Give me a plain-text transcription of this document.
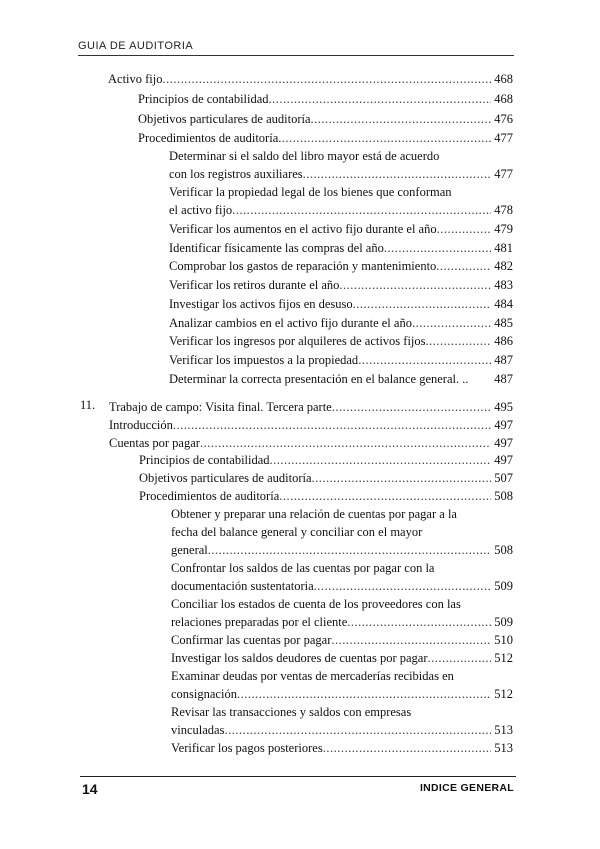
GUIA DE AUDITORIA
Activo fijo .....	468
Principios de contabilidad .....	468
Objetivos particulares de auditoría .....	476
Procedimientos de auditoría .....	477
Determinar si el saldo del libro mayor está de acuerdo
con los registros auxiliares .....	477
Verificar la propiedad legal de los bienes que conforman
el activo fijo .....	478
Verificar los aumentos en el activo fijo durante el año .....	479
Identificar físicamente las compras del año .....	481
Comprobar los gastos de reparación y mantenimiento .....	482
Verificar los retiros durante el año .....	483
Investigar los activos fijos en desuso .....	484
Analizar cambios en el activo fijo durante el año .....	485
Verificar los ingresos por alquileres de activos fijos .....	486
Verificar los impuestos a la propiedad .....	487
Determinar la correcta presentación en el balance general. .. 487
11. Trabajo de campo: Visita final. Tercera parte .....	495
Introducción .....	497
Cuentas por pagar .....	497
Principios de contabilidad .....	497
Objetivos particulares de auditoría .....	507
Procedimientos de auditoría .....	508
Obtener y preparar una relación de cuentas por pagar a la
fecha del balance general y conciliar con el mayor
general .....	508
Confrontar los saldos de las cuentas por pagar con la
documentación sustentatoria .....	509
Conciliar los estados de cuenta de los proveedores con las
relaciones preparadas por el cliente .....	509
Confirmar las cuentas por pagar .....	510
Investigar los saldos deudores de cuentas por pagar .....	512
Examinar deudas por ventas de mercaderías recibidas en
consignación .....	512
Revisar las transacciones y saldos con empresas
vinculadas .....	513
Verificar los pagos posteriores .....	513
14	INDICE GENERAL
